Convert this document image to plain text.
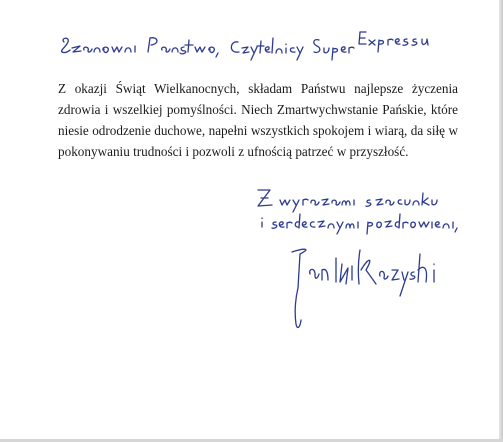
Z okazji Świąt Wielkanocnych, składam Państwu najlepsze życzenia zdrowia i wszelkiej pomyślności. Niech Zmartwychwstanie Pańskie, które niesie odrodzenie duchowe, napełni wszystkich spokojem i wiarą, da siłę w pokonywaniu trudności i pozwoli z ufnością patrzeć w przyszłość.
